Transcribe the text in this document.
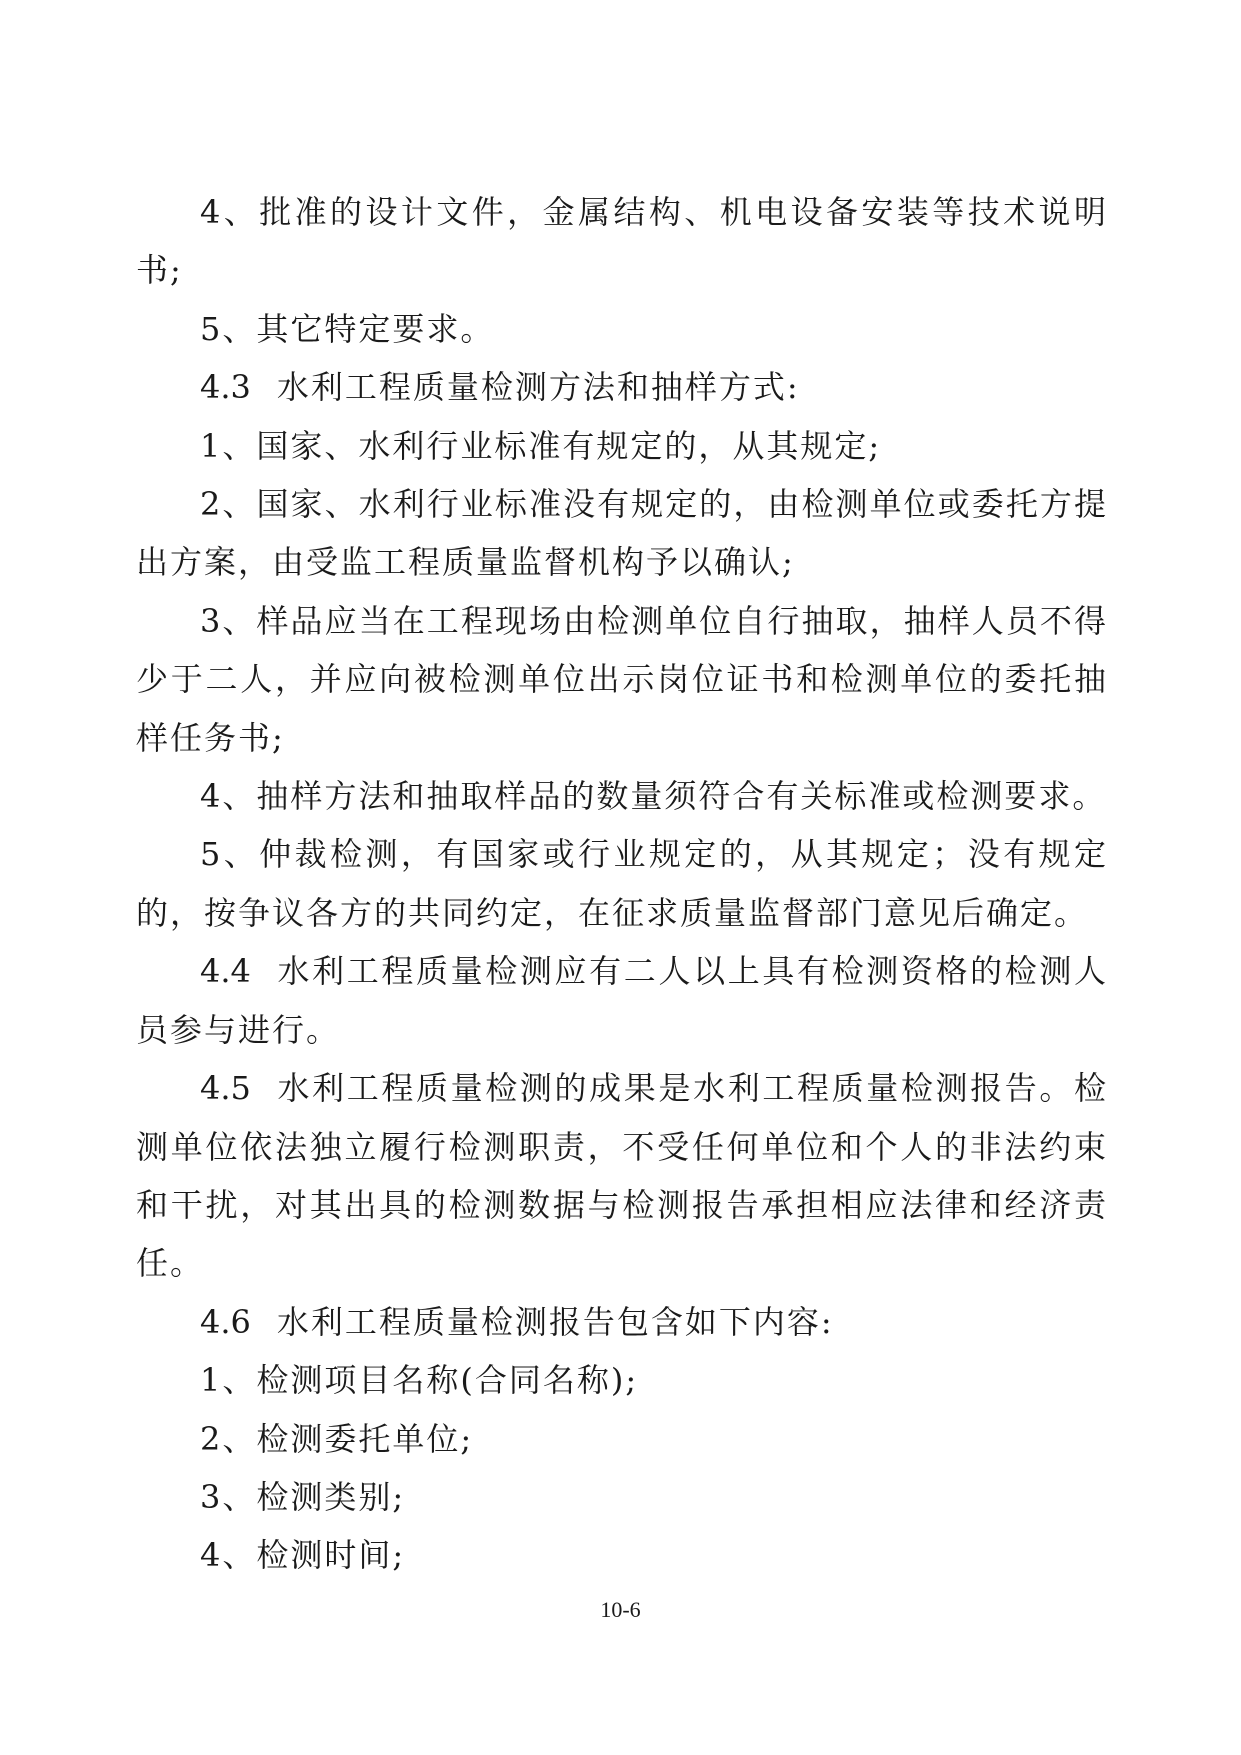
4、批准的设计文件，金属结构、机电设备安装等技术说明书;

5、其它特定要求。

4.3 水利工程质量检测方法和抽样方式:

1、国家、水利行业标准有规定的，从其规定;

2、国家、水利行业标准没有规定的，由检测单位或委托方提出方案，由受监工程质量监督机构予以确认;

3、样品应当在工程现场由检测单位自行抽取，抽样人员不得少于二人，并应向被检测单位出示岗位证书和检测单位的委托抽样任务书;

4、抽样方法和抽取样品的数量须符合有关标准或检测要求。

5、仲裁检测，有国家或行业规定的，从其规定；没有规定的，按争议各方的共同约定，在征求质量监督部门意见后确定。

4.4 水利工程质量检测应有二人以上具有检测资格的检测人员参与进行。

4.5 水利工程质量检测的成果是水利工程质量检测报告。检测单位依法独立履行检测职责，不受任何单位和个人的非法约束和干扰，对其出具的检测数据与检测报告承担相应法律和经济责任。

4.6 水利工程质量检测报告包含如下内容:

1、检测项目名称(合同名称);

2、检测委托单位;

3、检测类别;

4、检测时间;

10-6
